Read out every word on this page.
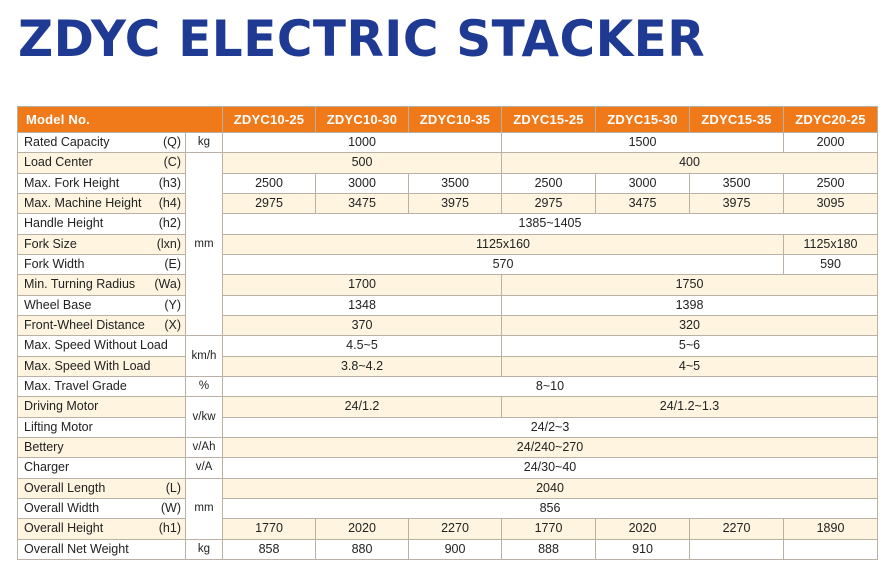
ZDYC ELECTRIC STACKER
Model No.		ZDYC10-25	ZDYC10-30	ZDYC10-35	ZDYC15-25	ZDYC15-30	ZDYC15-35	ZDYC20-25

Rated Capacity (Q)	kg	1000			1500			2000

Load Center (C)	mm	500			400			

Max. Fork Height (h3)		2500	3000	3500	2500	3000	3500	2500

Max. Machine Height (h4)		2975	3475	3975	2975	3475	3975	3095

Handle Height (h2)		1385~1405						

Fork Size (lxn)		1125x160						1125x180

Fork Width (E)		570						590

Min. Turning Radius (Wa)		1700			1750			

Wheel Base (Y)		1348			1398			

Front-Wheel Distance (X)		370			320			

Max. Speed Without Load	km/h	4.5~5			5~6			

Max. Speed With Load		3.8~4.2			4~5			

Max. Travel Grade	%	8~10						

Driving Motor	v/kw	24/1.2			24/1.2~1.3			

Lifting Motor		24/2~3						

Bettery	v/Ah	24/240~270						

Charger	v/A	24/30~40						

Overall Length (L)	mm	2040						

Overall Width (W)		856						

Overall Height (h1)		1770	2020	2270	1770	2020	2270	1890

Overall Net Weight	kg	858	880	900	888	910		
